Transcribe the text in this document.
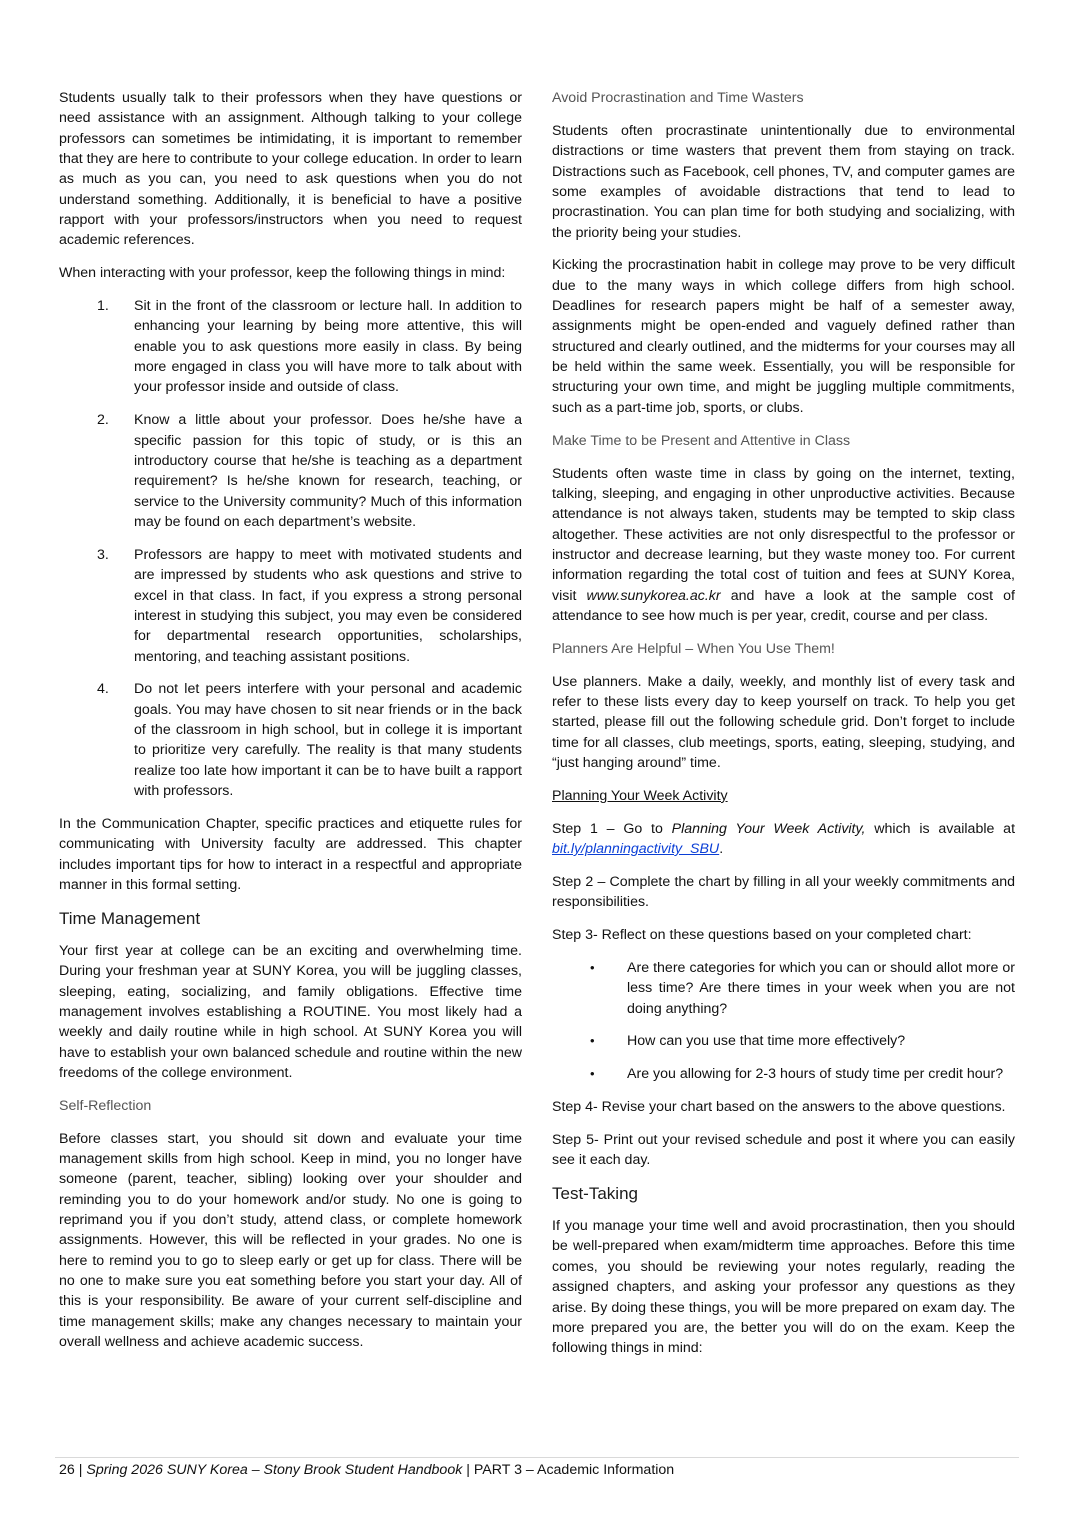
Students usually talk to their professors when they have questions or need assistance with an assignment. Although talking to your college professors can sometimes be intimidating, it is important to remember that they are here to contribute to your college education. In order to learn as much as you can, you need to ask questions when you do not understand something. Additionally, it is beneficial to have a positive rapport with your professors/instructors when you need to request academic references.

When interacting with your professor, keep the following things in mind:

1. Sit in the front of the classroom or lecture hall. In addition to enhancing your learning by being more attentive, this will enable you to ask questions more easily in class. By being more engaged in class you will have more to talk about with your professor inside and outside of class.
2. Know a little about your professor. Does he/she have a specific passion for this topic of study, or is this an introductory course that he/she is teaching as a department requirement? Is he/she known for research, teaching, or service to the University community? Much of this information may be found on each department’s website.
3. Professors are happy to meet with motivated students and are impressed by students who ask questions and strive to excel in that class. In fact, if you express a strong personal interest in studying this subject, you may even be considered for departmental research opportunities, scholarships, mentoring, and teaching assistant positions.
4. Do not let peers interfere with your personal and academic goals. You may have chosen to sit near friends or in the back of the classroom in high school, but in college it is important to prioritize very carefully. The reality is that many students realize too late how important it can be to have built a rapport with professors.

In the Communication Chapter, specific practices and etiquette rules for communicating with University faculty are addressed. This chapter includes important tips for how to interact in a respectful and appropriate manner in this formal setting.

Time Management

Your first year at college can be an exciting and overwhelming time. During your freshman year at SUNY Korea, you will be juggling classes, sleeping, eating, socializing, and family obligations. Effective time management involves establishing a ROUTINE. You most likely had a weekly and daily routine while in high school. At SUNY Korea you will have to establish your own balanced schedule and routine within the new freedoms of the college environment.

Self-Reflection

Before classes start, you should sit down and evaluate your time management skills from high school. Keep in mind, you no longer have someone (parent, teacher, sibling) looking over your shoulder and reminding you to do your homework and/or study. No one is going to reprimand you if you don’t study, attend class, or complete homework assignments. However, this will be reflected in your grades. No one is here to remind you to go to sleep early or get up for class. There will be no one to make sure you eat something before you start your day. All of this is your responsibility. Be aware of your current self-discipline and time management skills; make any changes necessary to maintain your overall wellness and achieve academic success.

Avoid Procrastination and Time Wasters

Students often procrastinate unintentionally due to environmental distractions or time wasters that prevent them from staying on track. Distractions such as Facebook, cell phones, TV, and computer games are some examples of avoidable distractions that tend to lead to procrastination. You can plan time for both studying and socializing, with the priority being your studies.

Kicking the procrastination habit in college may prove to be very difficult due to the many ways in which college differs from high school. Deadlines for research papers might be half of a semester away, assignments might be open-ended and vaguely defined rather than structured and clearly outlined, and the midterms for your courses may all be held within the same week. Essentially, you will be responsible for structuring your own time, and might be juggling multiple commitments, such as a part-time job, sports, or clubs.

Make Time to be Present and Attentive in Class

Students often waste time in class by going on the internet, texting, talking, sleeping, and engaging in other unproductive activities. Because attendance is not always taken, students may be tempted to skip class altogether. These activities are not only disrespectful to the professor or instructor and decrease learning, but they waste money too. For current information regarding the total cost of tuition and fees at SUNY Korea, visit www.sunykorea.ac.kr and have a look at the sample cost of attendance to see how much is per year, credit, course and per class.

Planners Are Helpful – When You Use Them!

Use planners. Make a daily, weekly, and monthly list of every task and refer to these lists every day to keep yourself on track. To help you get started, please fill out the following schedule grid. Don’t forget to include time for all classes, club meetings, sports, eating, sleeping, studying, and “just hanging around” time.

Planning Your Week Activity

Step 1 – Go to Planning Your Week Activity, which is available at bit.ly/planningactivity_SBU.

Step 2 – Complete the chart by filling in all your weekly commitments and responsibilities.

Step 3- Reflect on these questions based on your completed chart:

• Are there categories for which you can or should allot more or less time? Are there times in your week when you are not doing anything?
• How can you use that time more effectively?
• Are you allowing for 2-3 hours of study time per credit hour?

Step 4- Revise your chart based on the answers to the above questions.

Step 5- Print out your revised schedule and post it where you can easily see it each day.

Test-Taking

If you manage your time well and avoid procrastination, then you should be well-prepared when exam/midterm time approaches. Before this time comes, you should be reviewing your notes regularly, reading the assigned chapters, and asking your professor any questions as they arise. By doing these things, you will be more prepared on exam day. The more prepared you are, the better you will do on the exam. Keep the following things in mind:

26 | Spring 2026 SUNY Korea – Stony Brook Student Handbook | PART 3 – Academic Information
